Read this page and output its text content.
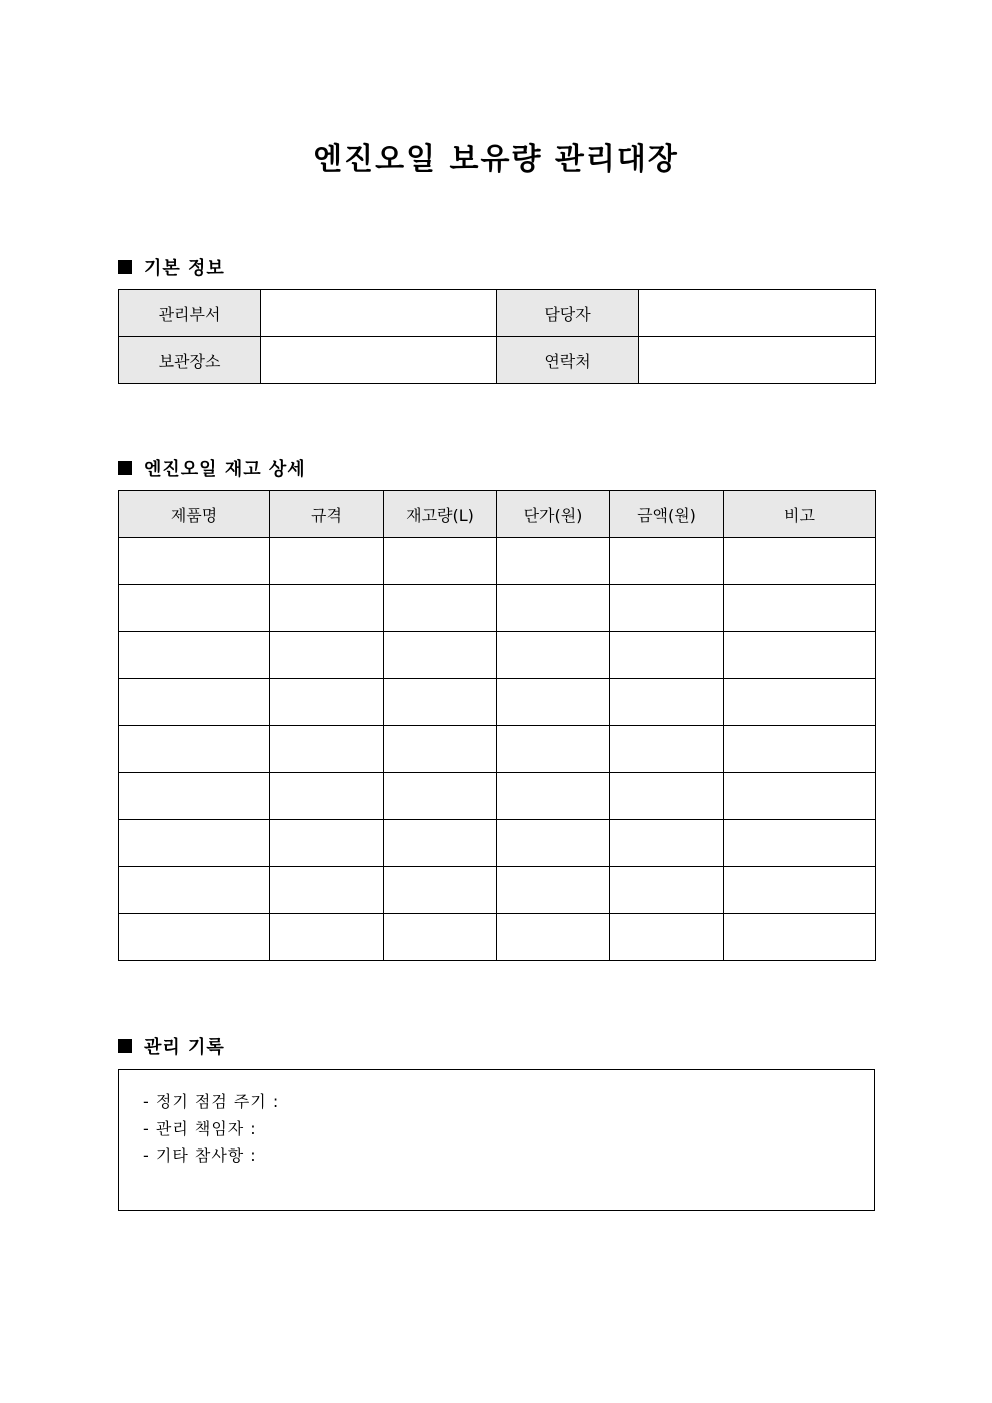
엔진오일 보유량 관리대장
기본 정보
관리부서		담당자	
보관장소		연락처	
엔진오일 재고 상세
제품명	규격	재고량(L)	단가(원)	금액(원)	비고

관리 기록
- 정기 점검 주기 :
- 관리 책임자 :
- 기타 참사항 :
